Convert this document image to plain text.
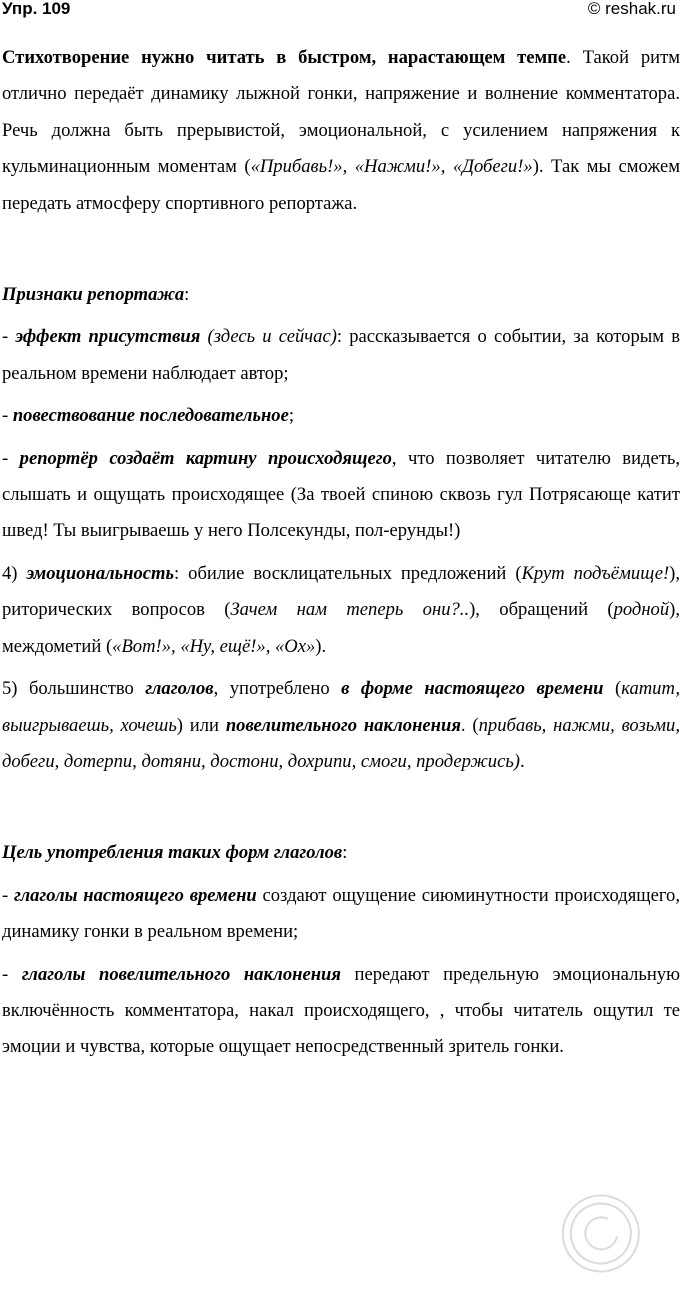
Упр. 109	© reshak.ru

Стихотворение нужно читать в быстром, нарастающем темпе. Такой ритм отлично передаёт динамику лыжной гонки, напряжение и волнение комментатора. Речь должна быть прерывистой, эмоциональной, с усилением напряжения к кульминационным моментам («Прибавь!», «Нажми!», «Добеги!»). Так мы сможем передать атмосферу спортивного репортажа.

Признаки репортажа:

- эффект присутствия (здесь и сейчас): рассказывается о событии, за которым в реальном времени наблюдает автор;

- повествование последовательное;

- репортёр создаёт картину происходящего, что позволяет читателю видеть, слышать и ощущать происходящее (За твоей спиною сквозь гул Потрясающе катит швед! Ты выигрываешь у него Полсекунды, пол-ерунды!)

4) эмоциональность: обилие восклицательных предложений (Крут подъёмище!), риторических вопросов (Зачем нам теперь они?..), обращений (родной), междометий («Вот!», «Ну, ещё!», «Ох»).

5) большинство глаголов, употреблено в форме настоящего времени (катит, выигрываешь, хочешь) или повелительного наклонения. (прибавь, нажми, возьми, добеги, дотерпи, дотяни, достони, дохрипи, смоги, продержись).

Цель употребления таких форм глаголов:

- глаголы настоящего времени создают ощущение сиюминутности происходящего, динамику гонки в реальном времени;

- глаголы повелительного наклонения передают предельную эмоциональную включённость комментатора, накал происходящего, , чтобы читатель ощутил те эмоции и чувства, которые ощущает непосредственный зритель гонки.
